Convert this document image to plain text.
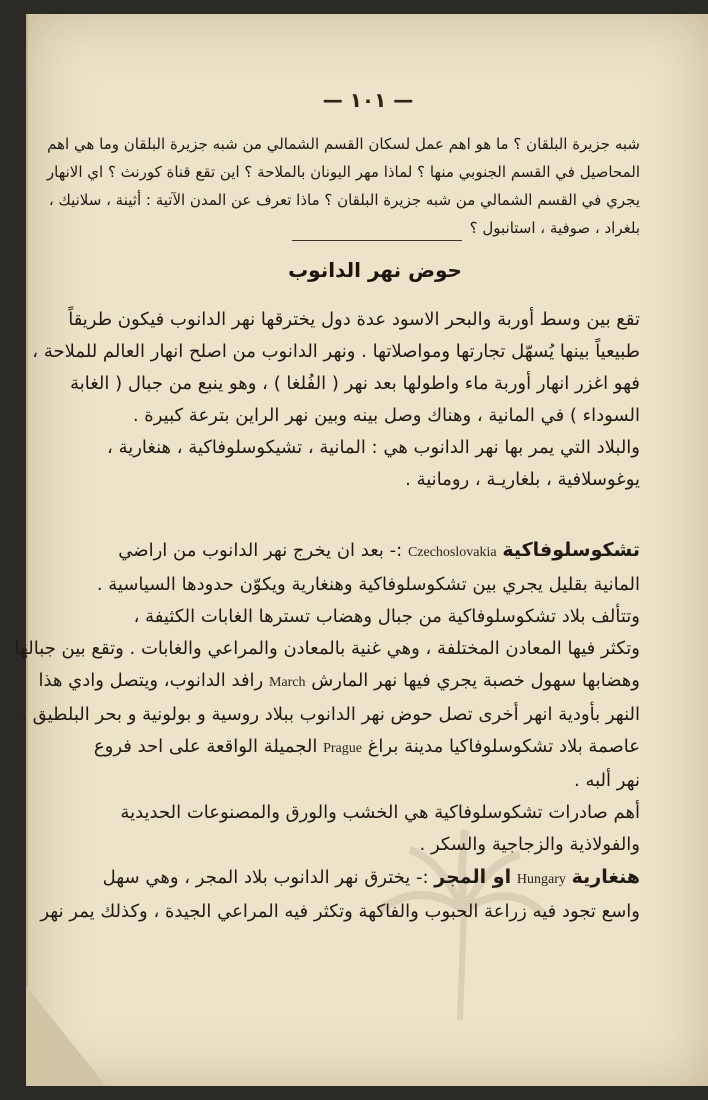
— ١٠١ —
شبه جزيرة البلقان ؟ ما هو اهم عمل لسكان القسم الشمالي من شبه جزيرة البلقان وما هي اهم
المحاصيل في القسم الجنوبي منها ؟ لماذا مهر اليونان بالملاحة ؟ اين تقع قناة كورنث ؟ اي الانهار
يجري في القسم الشمالي من شبه جزيرة البلقان ؟ ماذا تعرف عن المدن الآتية : أثينة ، سلانيك ،
بلغراد ، صوفية ، استانبول ؟
حوض نهر الدانوب
تقع بين وسط أوربة والبحر الاسود عدة دول يخترقها نهر الدانوب فيكون طريقاً
طبيعياً بينها يُسهّل تجارتها ومواصلاتها . ونهر الدانوب من اصلح انهار العالم للملاحة ،
فهو اغزر انهار أوربة ماء واطولها بعد نهر ( الفُلغا ) ، وهو ينبع من جبال ( الغابة
السوداء ) في المانية ، وهناك وصل بينه وبين نهر الراين بترعة كبيرة .
والبلاد التي يمر بها نهر الدانوب هي : المانية ، تشيكوسلوفاكية ، هنغارية ،
يوغوسلافية ، بلغاريـة ، رومانية .
تشكوسلوفاكية Czechoslovakia :- بعد ان يخرج نهر الدانوب من اراضي
المانية بقليل يجري بين تشكوسلوفاكية وهنغارية ويكوّن حدودها السياسية .
وتتألف بلاد تشكوسلوفاكية من جبال وهضاب تسترها الغابات الكثيفة ،
وتكثر فيها المعادن المختلفة ، وهي غنية بالمعادن والمراعي والغابات . وتقع بين جبالها
وهضابها سهول خصبة يجري فيها نهر المارش March رافد الدانوب، ويتصل وادي هذا
النهر بأودية انهر أخرى تصل حوض نهر الدانوب ببلاد روسية و بولونية و بحر البلطيق .
عاصمة بلاد تشكوسلوفاكيا مدينة براغ Prague الجميلة الواقعة على احد فروع
نهر ألبه .
أهم صادرات تشكوسلوفاكية هي الخشب والورق والمصنوعات الحديدية
والفولاذية والزجاجية والسكر .
هنغارية Hungary او المجر :- يخترق نهر الدانوب بلاد المجر ، وهي سهل
واسع تجود فيه زراعة الحبوب والفاكهة وتكثر فيه المراعي الجيدة ، وكذلك يمر نهر
